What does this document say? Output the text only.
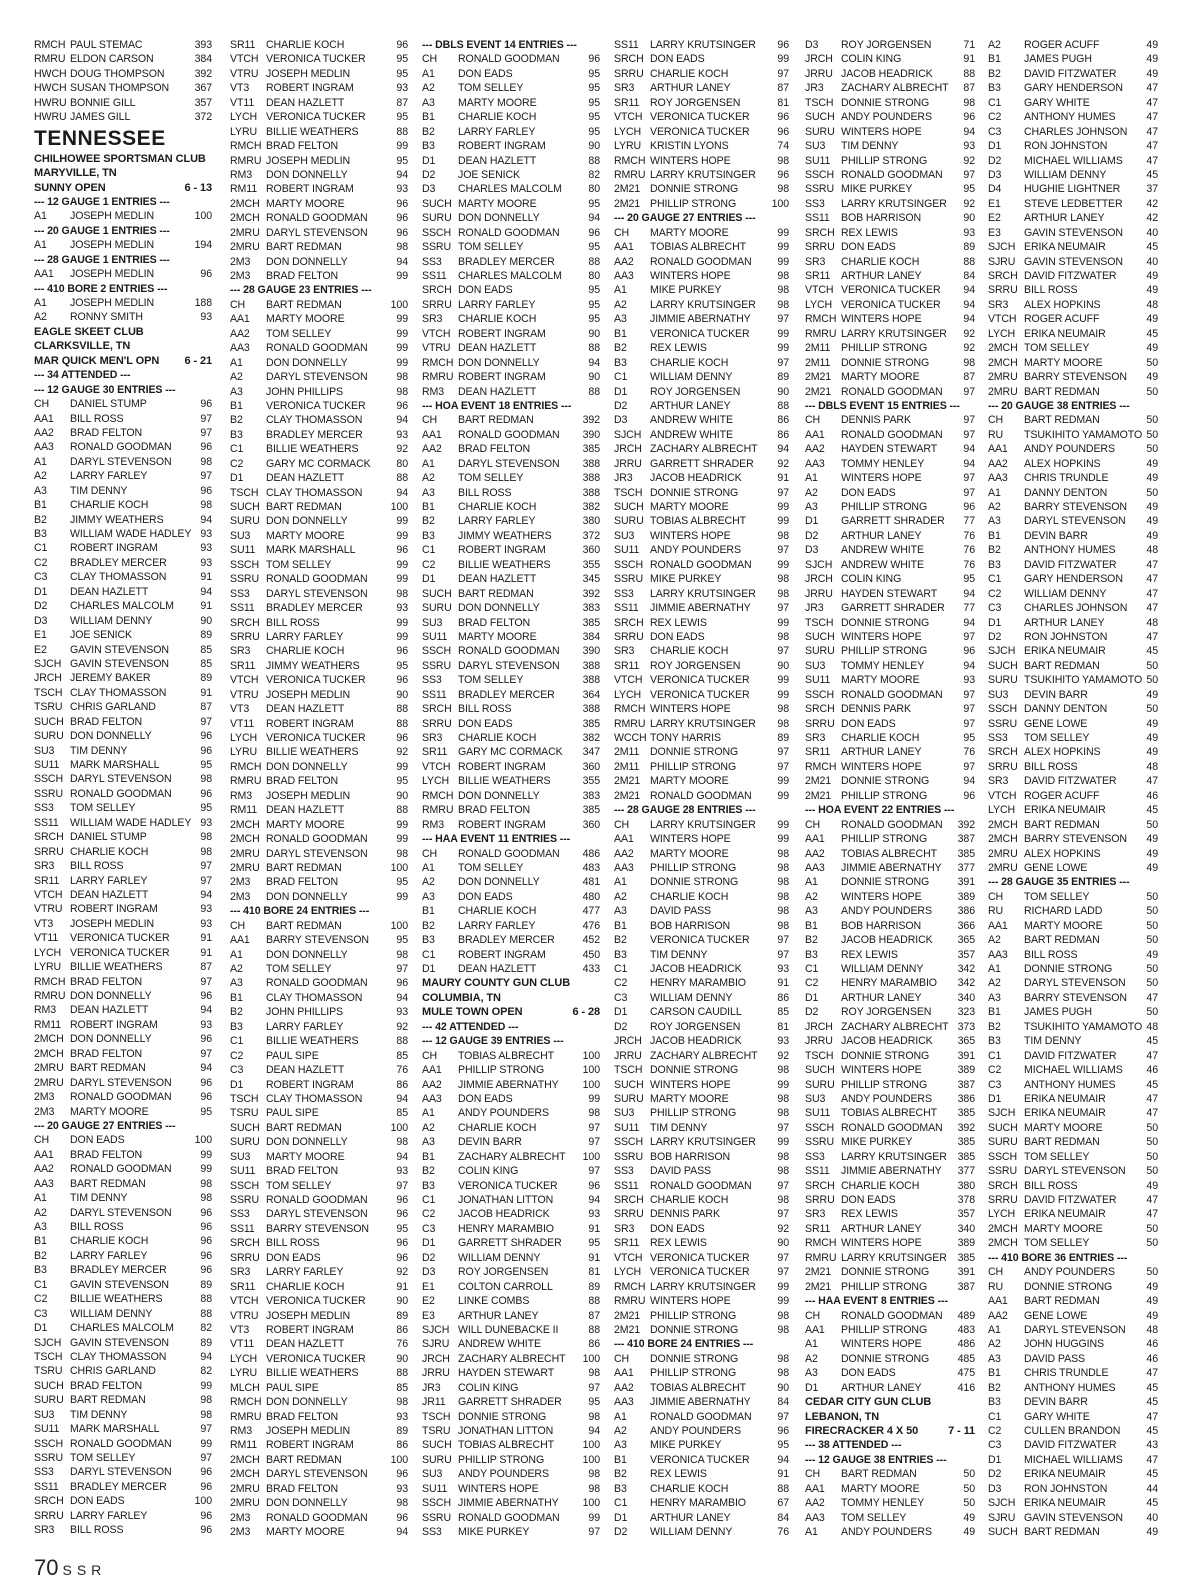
RMCH PAUL STEMAC	393
RMRU ELDON CARSON	384
HWCH DOUG THOMPSON	392
HWCH SUSAN THOMPSON 367
HWRU BONNIE GILL	357
HWRU JAMES GILL	372
TENNESSEE
CHILHOWEE SPORTSMAN CLUB
MARYVILLE, TN
SUNNY OPEN	6 - 13
--- 12 GAUGE 1 ENTRIES ---
A1 JOSEPH MEDLIN	100
--- 20 GAUGE 1 ENTRIES ---
A1 JOSEPH MEDLIN	194
--- 28 GAUGE 1 ENTRIES ---
AA1 JOSEPH MEDLIN	96
--- 410 BORE 2 ENTRIES ---
A1 JOSEPH MEDLIN	188
A2 RONNY SMITH	93
EAGLE SKEET CLUB
CLARKSVILLE, TN
MAR QUICK MEN'L OPN 6 - 21
--- 34 ATTENDED ---
--- 12 GAUGE 30 ENTRIES ---
CH DANIEL STUMP	96
AA1 BILL ROSS	97
AA2 BRAD FELTON	97
AA3 RONALD GOODMAN	96
A1 DARYL STEVENSON	98
A2 LARRY FARLEY	97
A3 TIM DENNY	96
B1 CHARLIE KOCH	98
B2 JIMMY WEATHERS	94
B3 WILLIAM WADE HADLEY 93
C1 ROBERT INGRAM	93
C2 BRADLEY MERCER	93
C3 CLAY THOMASSON	91
D1 DEAN HAZLETT	94
D2 CHARLES MALCOLM	91
D3 WILLIAM DENNY	90
E1 JOE SENICK	89
E2 GAVIN STEVENSON	85
SJCH GAVIN STEVENSON	85
JRCH JEREMY BAKER	89
TSCH CLAY THOMASSON	91
TSRU CHRIS GARLAND	87
SUCH BRAD FELTON	97
SURU DON DONNELLY	96
SU3 TIM DENNY	96
SU11 MARK MARSHALL	95
SSCH DARYL STEVENSON	98
SSRU RONALD GOODMAN	96
SS3 TOM SELLEY	95
SS11 WILLIAM WADE HADLEY 93
SRCH DANIEL STUMP	98
SRRU CHARLIE KOCH	98
SR3 BILL ROSS	97
SR11 LARRY FARLEY	97
VTCH DEAN HAZLETT	94
VTRU ROBERT INGRAM	93
VT3 JOSEPH MEDLIN	93
VT11 VERONICA TUCKER	91
LYCH VERONICA TUCKER	91
LYRU BILLIE WEATHERS	87
RMCH BRAD FELTON	97
RMRU DON DONNELLY	96
RM3 DEAN HAZLETT	94
RM11 ROBERT INGRAM	93
2MCH DON DONNELLY	96
2MCH BRAD FELTON	97
2MRU BART REDMAN	94
2MRU DARYL STEVENSON	96
2M3 RONALD GOODMAN	96
2M3 MARTY MOORE	95
--- 20 GAUGE 27 ENTRIES ---
CH DON EADS	100
AA1 BRAD FELTON	99
AA2 RONALD GOODMAN	99
AA3 BART REDMAN	98
A1 TIM DENNY	98
A2 DARYL STEVENSON	96
A3 BILL ROSS	96
B1 CHARLIE KOCH	96
B2 LARRY FARLEY	96
B3 BRADLEY MERCER	96
C1 GAVIN STEVENSON	89
C2 BILLIE WEATHERS	88
C3 WILLIAM DENNY	88
D1 CHARLES MALCOLM	82
SJCH GAVIN STEVENSON	89
TSCH CLAY THOMASSON	94
TSRU CHRIS GARLAND	82
SUCH BRAD FELTON	99
SURU BART REDMAN	98
SU3 TIM DENNY	98
SU11 MARK MARSHALL	97
SSCH RONALD GOODMAN	99
SSRU TOM SELLEY	97
SS3 DARYL STEVENSON	96
SS11 BRADLEY MERCER	96
SRCH DON EADS	100
SRRU LARRY FARLEY	96
SR3 BILL ROSS	96
SR11 CHARLIE KOCH	96
VTCH VERONICA TUCKER	95
VTRU JOSEPH MEDLIN	95
VT3 ROBERT INGRAM	93
VT11 DEAN HAZLETT	87
LYCH VERONICA TUCKER	95
LYRU BILLIE WEATHERS	88
RMCH BRAD FELTON	99
RMRU JOSEPH MEDLIN	95
RM3 DON DONNELLY	94
RM11 ROBERT INGRAM	93
2MCH MARTY MOORE	96
2MCH RONALD GOODMAN	96
2MRU DARYL STEVENSON	96
2MRU BART REDMAN	98
2M3 DON DONNELLY	94
2M3 BRAD FELTON	99
--- 28 GAUGE 23 ENTRIES ---
CH BART REDMAN	100
AA1 MARTY MOORE	99
AA2 TOM SELLEY	99
AA3 RONALD GOODMAN	99
A1 DON DONNELLY	99
A2 DARYL STEVENSON	98
A3 JOHN PHILLIPS	98
B1 VERONICA TUCKER	96
B2 CLAY THOMASSON	94
B3 BRADLEY MERCER	93
C1 BILLIE WEATHERS	92
C2 GARY MC CORMACK 80
D1 DEAN HAZLETT	88
TSCH CLAY THOMASSON	94
SUCH BART REDMAN	100
SURU DON DONNELLY	99
SU3 MARTY MOORE	99
SU11 MARK MARSHALL	96
SSCH TOM SELLEY	99
SSRU RONALD GOODMAN	99
SS3 DARYL STEVENSON	98
SS11 BRADLEY MERCER	93
SRCH BILL ROSS	99
SRRU LARRY FARLEY	99
SR3 CHARLIE KOCH	96
SR11 JIMMY WEATHERS	95
VTCH VERONICA TUCKER	96
VTRU JOSEPH MEDLIN	90
VT3 DEAN HAZLETT	88
VT11 ROBERT INGRAM	88
LYCH VERONICA TUCKER	96
LYRU BILLIE WEATHERS	92
RMCH DON DONNELLY	99
RMRU BRAD FELTON	95
RM3 JOSEPH MEDLIN	90
RM11 DEAN HAZLETT	88
2MCH MARTY MOORE	99
2MCH RONALD GOODMAN	99
2MRU DARYL STEVENSON	98
2MRU BART REDMAN	100
2M3 BRAD FELTON	95
2M3 DON DONNELLY	99
--- 410 BORE 24 ENTRIES ---
CH BART REDMAN	100
AA1 BARRY STEVENSON	95
A1 DON DONNELLY	98
A2 TOM SELLEY	97
A3 RONALD GOODMAN	96
B1 CLAY THOMASSON	94
B2 JOHN PHILLIPS	93
B3 LARRY FARLEY	92
C1 BILLIE WEATHERS	88
C2 PAUL SIPE	85
C3 DEAN HAZLETT	76
D1 ROBERT INGRAM	86
TSCH CLAY THOMASSON	94
TSRU PAUL SIPE	85
SUCH BART REDMAN	100
SURU DON DONNELLY	98
SU3 MARTY MOORE	94
SU11 BRAD FELTON	93
SSCH TOM SELLEY	97
SSRU RONALD GOODMAN	96
SS3 DARYL STEVENSON	96
SS11 BARRY STEVENSON	95
SRCH BILL ROSS	96
SRRU DON EADS	96
SR3 LARRY FARLEY	92
SR11 CHARLIE KOCH	91
VTCH VERONICA TUCKER	90
VTRU JOSEPH MEDLIN	89
VT3 ROBERT INGRAM	86
VT11 DEAN HAZLETT	76
LYCH VERONICA TUCKER	90
LYRU BILLIE WEATHERS	88
MLCH PAUL SIPE	85
RMCH DON DONNELLY	98
RMRU BRAD FELTON	93
RM3 JOSEPH MEDLIN	89
RM11 ROBERT INGRAM	86
2MCH BART REDMAN	100
2MCH DARYL STEVENSON	96
2MRU BRAD FELTON	93
2MRU DON DONNELLY	98
2M3 RONALD GOODMAN	96
2M3 MARTY MOORE	94
--- DBLS EVENT 14 ENTRIES ---
CH RONALD GOODMAN	96
A1 DON EADS	95
A2 TOM SELLEY	95
A3 MARTY MOORE	95
B1 CHARLIE KOCH	95
B2 LARRY FARLEY	95
B3 ROBERT INGRAM	90
D1 DEAN HAZLETT	88
D2 JOE SENICK	82
D3 CHARLES MALCOLM	80
SUCH MARTY MOORE	95
SURU DON DONNELLY	94
SSCH RONALD GOODMAN	96
SSRU TOM SELLEY	95
SS3 BRADLEY MERCER	88
SS11 CHARLES MALCOLM	80
SRCH DON EADS	95
SRRU LARRY FARLEY	95
SR3 CHARLIE KOCH	95
VTCH ROBERT INGRAM	90
VTRU DEAN HAZLETT	88
RMCH DON DONNELLY	94
RMRU ROBERT INGRAM	90
RM3 DEAN HAZLETT	88
--- HOA EVENT 18 ENTRIES ---
CH BART REDMAN	392
AA1 RONALD GOODMAN 390
AA2 BRAD FELTON	385
A1 DARYL STEVENSON 388
A2 TOM SELLEY	388
A3 BILL ROSS	388
B1 CHARLIE KOCH	382
B2 LARRY FARLEY	380
B3 JIMMY WEATHERS	372
C1 ROBERT INGRAM	360
C2 BILLIE WEATHERS	355
D1 DEAN HAZLETT	345
SUCH BART REDMAN	392
SURU DON DONNELLY	383
SU3 BRAD FELTON	385
SU11 MARTY MOORE	384
SSCH RONALD GOODMAN 390
SSRU DARYL STEVENSON 388
SS3 TOM SELLEY	388
SS11 BRADLEY MERCER	364
SRCH BILL ROSS	388
SRRU DON EADS	385
SR3 CHARLIE KOCH	382
SR11 GARY MC CORMACK 347
VTCH ROBERT INGRAM	360
LYCH BILLIE WEATHERS	355
RMCH DON DONNELLY	383
RMRU BRAD FELTON	385
RM3 ROBERT INGRAM	360
--- HAA EVENT 11 ENTRIES ---
CH RONALD GOODMAN 486
A1 TOM SELLEY	483
A2 DON DONNELLY	481
A3 DON EADS	480
B1 CHARLIE KOCH	477
B2 LARRY FARLEY	476
B3 BRADLEY MERCER	452
C1 ROBERT INGRAM	450
D1 DEAN HAZLETT	433
MAURY COUNTY GUN CLUB
COLUMBIA, TN
MULE TOWN OPEN	6 - 28
--- 42 ATTENDED ---
--- 12 GAUGE 39 ENTRIES ---
CH TOBIAS ALBRECHT	100
AA1 PHILLIP STRONG	100
AA2 JIMMIE ABERNATHY 100
AA3 DON EADS	99
A1 ANDY POUNDERS	98
A2 CHARLIE KOCH	97
A3 DEVIN BARR	97
B1 ZACHARY ALBRECHT 100
B2 COLIN KING	97
B3 VERONICA TUCKER	96
C1 JONATHAN LITTON	94
C2 JACOB HEADRICK	93
C3 HENRY MARAMBIO	91
D1 GARRETT SHRADER	95
D2 WILLIAM DENNY	91
D3 ROY JORGENSEN	81
E1 COLTON CARROLL	89
E2 LINKE COMBS	88
E3 ARTHUR LANEY	87
SJCH WILL DUNEBACKE II	88
SJRU ANDREW WHITE	86
JRCH ZACHARY ALBRECHT 100
JRRU HAYDEN STEWART	98
JR3 COLIN KING	97
JR11 GARRETT SHRADER	95
TSCH DONNIE STRONG	98
TSRU JONATHAN LITTON	94
SUCH TOBIAS ALBRECHT	100
SURU PHILLIP STRONG	100
SU3 ANDY POUNDERS	98
SU11 WINTERS HOPE	98
SSCH JIMMIE ABERNATHY 100
SSRU RONALD GOODMAN	99
SS3 MIKE PURKEY	97
SS11 LARRY KRUTSINGER 96
SRCH DON EADS	99
SRRU CHARLIE KOCH	97
SR3 ARTHUR LANEY	87
SR11 ROY JORGENSEN	81
VTCH VERONICA TUCKER	96
LYCH VERONICA TUCKER	96
LYRU KRISTIN LYONS	74
RMCH WINTERS HOPE	98
RMRU LARRY KRUTSINGER 96
2M21 DONNIE STRONG	98
2M21 PHILLIP STRONG	100
--- 20 GAUGE 27 ENTRIES ---
CH MARTY MOORE	99
AA1 TOBIAS ALBRECHT	99
AA2 RONALD GOODMAN 99
AA3 WINTERS HOPE	98
A1 MIKE PURKEY	98
A2 LARRY KRUTSINGER 98
A3 JIMMIE ABERNATHY	97
B1 VERONICA TUCKER	99
B2 REX LEWIS	99
B3 CHARLIE KOCH	97
C1 WILLIAM DENNY	89
D1 ROY JORGENSEN	90
D2 ARTHUR LANEY	88
D3 ANDREW WHITE	86
SJCH ANDREW WHITE	86
JRCH ZACHARY ALBRECHT 94
JRRU GARRETT SHRADER 92
JR3 JACOB HEADRICK	91
TSCH DONNIE STRONG	97
SUCH MARTY MOORE	99
SURU TOBIAS ALBRECHT	99
SU3 WINTERS HOPE	98
SU11 ANDY POUNDERS	97
SSCH RONALD GOODMAN 99
SSRU MIKE PURKEY	98
SS3 LARRY KRUTSINGER 98
SS11 JIMMIE ABERNATHY	97
SRCH REX LEWIS	99
SRRU DON EADS	98
SR3 CHARLIE KOCH	97
SR11 ROY JORGENSEN	90
VTCH VERONICA TUCKER	99
LYCH VERONICA TUCKER	99
RMCH WINTERS HOPE	98
RMRU LARRY KRUTSINGER 98
WCCH TONY HARRIS	89
2M11 DONNIE STRONG	97
2M11 PHILLIP STRONG	97
2M21 MARTY MOORE	99
2M21 RONALD GOODMAN 99
--- 28 GAUGE 28 ENTRIES ---
CH LARRY KRUTSINGER 99
AA1 WINTERS HOPE	99
AA2 MARTY MOORE	98
AA3 PHILLIP STRONG	98
A1 DONNIE STRONG	98
A2 CHARLIE KOCH	98
A3 DAVID PASS	98
B1 BOB HARRISON	98
B2 VERONICA TUCKER	97
B3 TIM DENNY	97
C1 JACOB HEADRICK	93
C2 HENRY MARAMBIO	91
C3 WILLIAM DENNY	86
D1 CARSON CAUDILL	85
D2 ROY JORGENSEN	81
JRCH JACOB HEADRICK	93
JRRU ZACHARY ALBRECHT 92
TSCH DONNIE STRONG	98
SUCH WINTERS HOPE	99
SURU MARTY MOORE	98
SU3 PHILLIP STRONG	98
SU11 TIM DENNY	97
SSCH LARRY KRUTSINGER 99
SSRU BOB HARRISON	98
SS3 DAVID PASS	98
SS11 RONALD GOODMAN 97
SRCH CHARLIE KOCH	98
SRRU DENNIS PARK	97
SR3 DON EADS	92
SR11 REX LEWIS	90
VTCH VERONICA TUCKER	97
LYCH VERONICA TUCKER	97
RMCH LARRY KRUTSINGER 99
RMRU WINTERS HOPE	99
2M21 PHILLIP STRONG	98
2M21 DONNIE STRONG	98
--- 410 BORE 24 ENTRIES ---
CH DONNIE STRONG	98
AA1 PHILLIP STRONG	98
AA2 TOBIAS ALBRECHT	90
AA3 JIMMIE ABERNATHY	84
A1 RONALD GOODMAN 97
A2 ANDY POUNDERS	96
A3 MIKE PURKEY	95
B1 VERONICA TUCKER	94
B2 REX LEWIS	91
B3 CHARLIE KOCH	88
C1 HENRY MARAMBIO	67
D1 ARTHUR LANEY	84
D2 WILLIAM DENNY	76
D3 ROY JORGENSEN	71
JRCH COLIN KING	91
JRRU JACOB HEADRICK	88
JR3 ZACHARY ALBRECHT 87
TSCH DONNIE STRONG	98
SUCH ANDY POUNDERS	96
SURU WINTERS HOPE	94
SU3 TIM DENNY	93
SU11 PHILLIP STRONG	92
SSCH RONALD GOODMAN 97
SSRU MIKE PURKEY	95
SS3 LARRY KRUTSINGER 92
SS11 BOB HARRISON	90
SRCH REX LEWIS	93
SRRU DON EADS	89
SR3 CHARLIE KOCH	88
SR11 ARTHUR LANEY	84
VTCH VERONICA TUCKER 94
LYCH VERONICA TUCKER 94
RMCH WINTERS HOPE	94
RMRU LARRY KRUTSINGER 92
2M11 PHILLIP STRONG	92
2M11 DONNIE STRONG	98
2M21 MARTY MOORE	87
2M21 RONALD GOODMAN 97
--- DBLS EVENT 15 ENTRIES ---
CH DENNIS PARK	97
AA1 RONALD GOODMAN 97
AA2 HAYDEN STEWART 94
AA3 TOMMY HENLEY	94
A1 WINTERS HOPE	97
A2 DON EADS	97
A3 PHILLIP STRONG	96
D1 GARRETT SHRADER 77
D2 ARTHUR LANEY	76
D3 ANDREW WHITE	76
SJCH ANDREW WHITE	76
JRCH COLIN KING	95
JRRU HAYDEN STEWART 94
JR3 GARRETT SHRADER 77
TSCH DONNIE STRONG	94
SUCH WINTERS HOPE	97
SURU PHILLIP STRONG	96
SU3 TOMMY HENLEY	94
SU11 MARTY MOORE	93
SSCH RONALD GOODMAN 97
SRCH DENNIS PARK	97
SRRU DON EADS	97
SR3 CHARLIE KOCH	95
SR11 ARTHUR LANEY	76
RMCH WINTERS HOPE	97
2M21 DONNIE STRONG	94
2M21 PHILLIP STRONG	96
--- HOA EVENT 22 ENTRIES ---
CH RONALD GOODMAN 392
AA1 PHILLIP STRONG	387
AA2 TOBIAS ALBRECHT 385
AA3 JIMMIE ABERNATHY 377
A1 DONNIE STRONG	391
A2 WINTERS HOPE	389
A3 ANDY POUNDERS 386
B1 BOB HARRISON	366
B2 JACOB HEADRICK 365
B3 REX LEWIS	357
C1 WILLIAM DENNY	342
C2 HENRY MARAMBIO 342
D1 ARTHUR LANEY	340
D2 ROY JORGENSEN 323
JRCH ZACHARY ALBRECHT 373
JRRU JACOB HEADRICK 365
TSCH DONNIE STRONG	391
SUCH WINTERS HOPE	389
SURU PHILLIP STRONG	387
SU3 ANDY POUNDERS 386
SU11 TOBIAS ALBRECHT 385
SSCH RONALD GOODMAN 392
SSRU MIKE PURKEY	385
SS3 LARRY KRUTSINGER 385
SS11 JIMMIE ABERNATHY 377
SRCH CHARLIE KOCH	380
SRRU DON EADS	378
SR3 REX LEWIS	357
SR11 ARTHUR LANEY	340
RMCH WINTERS HOPE	389
RMRU LARRY KRUTSINGER 385
2M21 DONNIE STRONG	391
2M21 PHILLIP STRONG	387
--- HAA EVENT 8 ENTRIES ---
CH RONALD GOODMAN 489
AA1 PHILLIP STRONG	483
A1 WINTERS HOPE	486
A2 DONNIE STRONG	485
A3 DON EADS	475
D1 ARTHUR LANEY	416
CEDAR CITY GUN CLUB
LEBANON, TN
FIRECRACKER 4 X 50	7 - 11
--- 38 ATTENDED ---
--- 12 GAUGE 38 ENTRIES ---
CH BART REDMAN	50
AA1 MARTY MOORE	50
AA2 TOMMY HENLEY	50
AA3 TOM SELLEY	49
A1 ANDY POUNDERS	49
A2 ROGER ACUFF	49
B1 JAMES PUGH	49
B2 DAVID FITZWATER	49
B3 GARY HENDERSON 47
C1 GARY WHITE	47
C2 ANTHONY HUMES	47
C3 CHARLES JOHNSON 47
D1 RON JOHNSTON	47
D2 MICHAEL WILLIAMS 47
D3 WILLIAM DENNY	45
D4 HUGHIE LIGHTNER 37
E1 STEVE LEDBETTER 42
E2 ARTHUR LANEY	42
E3 GAVIN STEVENSON 40
SJCH ERIKA NEUMAIR	45
SJRU GAVIN STEVENSON 40
SRCH DAVID FITZWATER	49
SRRU BILL ROSS	49
SR3 ALEX HOPKINS	48
VTCH ROGER ACUFF	49
LYCH ERIKA NEUMAIR	45
2MCH TOM SELLEY	49
2MCH MARTY MOORE	50
2MRU BARRY STEVENSON 49
2MRU BART REDMAN	50
--- 20 GAUGE 38 ENTRIES ---
CH BART REDMAN	50
RU TSUKIHITO YAMAMOTO 50
AA1 ANDY POUNDERS	50
AA2 ALEX HOPKINS	49
AA3 CHRIS TRUNDLE	49
A1 DANNY DENTON	50
A2 BARRY STEVENSON 49
A3 DARYL STEVENSON 49
B1 DEVIN BARR	49
B2 ANTHONY HUMES	48
B3 DAVID FITZWATER	47
C1 GARY HENDERSON 47
C2 WILLIAM DENNY	47
C3 CHARLES JOHNSON 47
D1 ARTHUR LANEY	48
D2 RON JOHNSTON	47
SJCH ERIKA NEUMAIR	45
SUCH BART REDMAN	50
SURU TSUKIHITO YAMAMOTO 50
SU3 DEVIN BARR	49
SSCH DANNY DENTON	50
SSRU GENE LOWE	49
SS3 TOM SELLEY	49
SRCH ALEX HOPKINS	49
SRRU BILL ROSS	48
SR3 DAVID FITZWATER	47
VTCH ROGER ACUFF	46
LYCH ERIKA NEUMAIR	45
2MCH BART REDMAN	50
2MCH BARRY STEVENSON 49
2MRU ALEX HOPKINS	49
2MRU GENE LOWE	49
--- 28 GAUGE 35 ENTRIES ---
CH TOM SELLEY	50
RU RICHARD LADD	50
AA1 MARTY MOORE	50
A2 BART REDMAN	50
AA3 BILL ROSS	49
A1 DONNIE STRONG	50
A2 DARYL STEVENSON 50
A3 BARRY STEVENSON 47
B1 JAMES PUGH	50
B2 TSUKIHITO YAMAMOTO 48
B3 TIM DENNY	45
C1 DAVID FITZWATER	47
C2 MICHAEL WILLIAMS 46
C3 ANTHONY HUMES	45
D1 ERIKA NEUMAIR	47
SJCH ERIKA NEUMAIR	47
SUCH MARTY MOORE	50
SURU BART REDMAN	50
SSCH TOM SELLEY	50
SSRU DARYL STEVENSON 50
SRCH BILL ROSS	49
SRRU DAVID FITZWATER	47
LYCH ERIKA NEUMAIR	47
2MCH MARTY MOORE	50
2MCH TOM SELLEY	50
--- 410 BORE 36 ENTRIES ---
CH ANDY POUNDERS	50
RU DONNIE STRONG	49
AA1 BART REDMAN	49
AA2 GENE LOWE	49
A1 DARYL STEVENSON 48
A2 JOHN HUGGINS	46
A3 DAVID PASS	46
B1 CHRIS TRUNDLE	47
B2 ANTHONY HUMES	45
B3 DEVIN BARR	45
C1 GARY WHITE	47
C2 CULLEN BRANDON 45
C3 DAVID FITZWATER	43
D1 MICHAEL WILLIAMS 47
D2 ERIKA NEUMAIR	45
D3 RON JOHNSTON	44
SJCH ERIKA NEUMAIR	45
SJRU GAVIN STEVENSON 40
SUCH BART REDMAN	49
70 SSR
